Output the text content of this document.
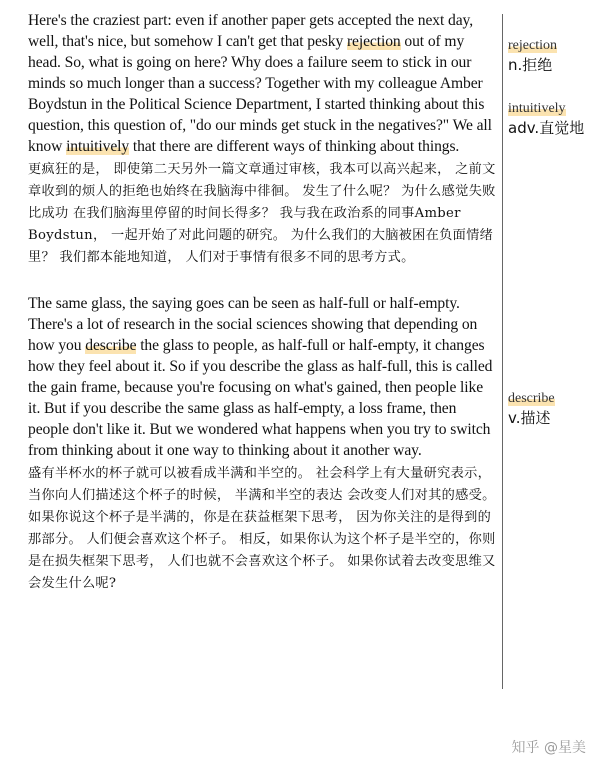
Here's the craziest part: even if another paper gets accepted the next day, well, that's nice, but somehow I can't get that pesky rejection out of my head. So, what is going on here? Why does a failure seem to stick in our minds so much longer than a success? Together with my colleague Amber Boydstun in the Political Science Department, I started thinking about this question, this question of, "do our minds get stuck in the negatives?" We all know intuitively that there are different ways of thinking about things.

更疯狂的是， 即使第二天另外一篇文章通过审核，我本可以高兴起来， 之前文章收到的烦人的拒绝也始终在我脑海中徘徊。 发生了什么呢？ 为什么感觉失败比成功 在我们脑海里停留的时间长得多？ 我与我在政治系的同事Amber Boydstun， 一起开始了对此问题的研究。 为什么我们的大脑被困在负面情绪里？ 我们都本能地知道， 人们对于事情有很多不同的思考方式。

The same glass, the saying goes can be seen as half-full or half-empty. There's a lot of research in the social sciences showing that depending on how you describe the glass to people, as half-full or half-empty, it changes how they feel about it. So if you describe the glass as half-full, this is called the gain frame, because you're focusing on what's gained, then people like it. But if you describe the same glass as half-empty, a loss frame, then people don't like it. But we wondered what happens when you try to switch from thinking about it one way to thinking about it another way.

盛有半杯水的杯子就可以被看成半满和半空的。 社会科学上有大量研究表示， 当你向人们描述这个杯子的时候， 半满和半空的表达 会改变人们对其的感受。 如果你说这个杯子是半满的，你是在获益框架下思考， 因为你关注的是得到的那部分。 人们便会喜欢这个杯子。 相反，如果你认为这个杯子是半空的，你则是在损失框架下思考， 人们也就不会喜欢这个杯子。 如果你试着去改变思维又会发生什么呢?

rejection
n.拒绝
intuitively
adv.直觉地
describe
v.描述
知乎 @星美
